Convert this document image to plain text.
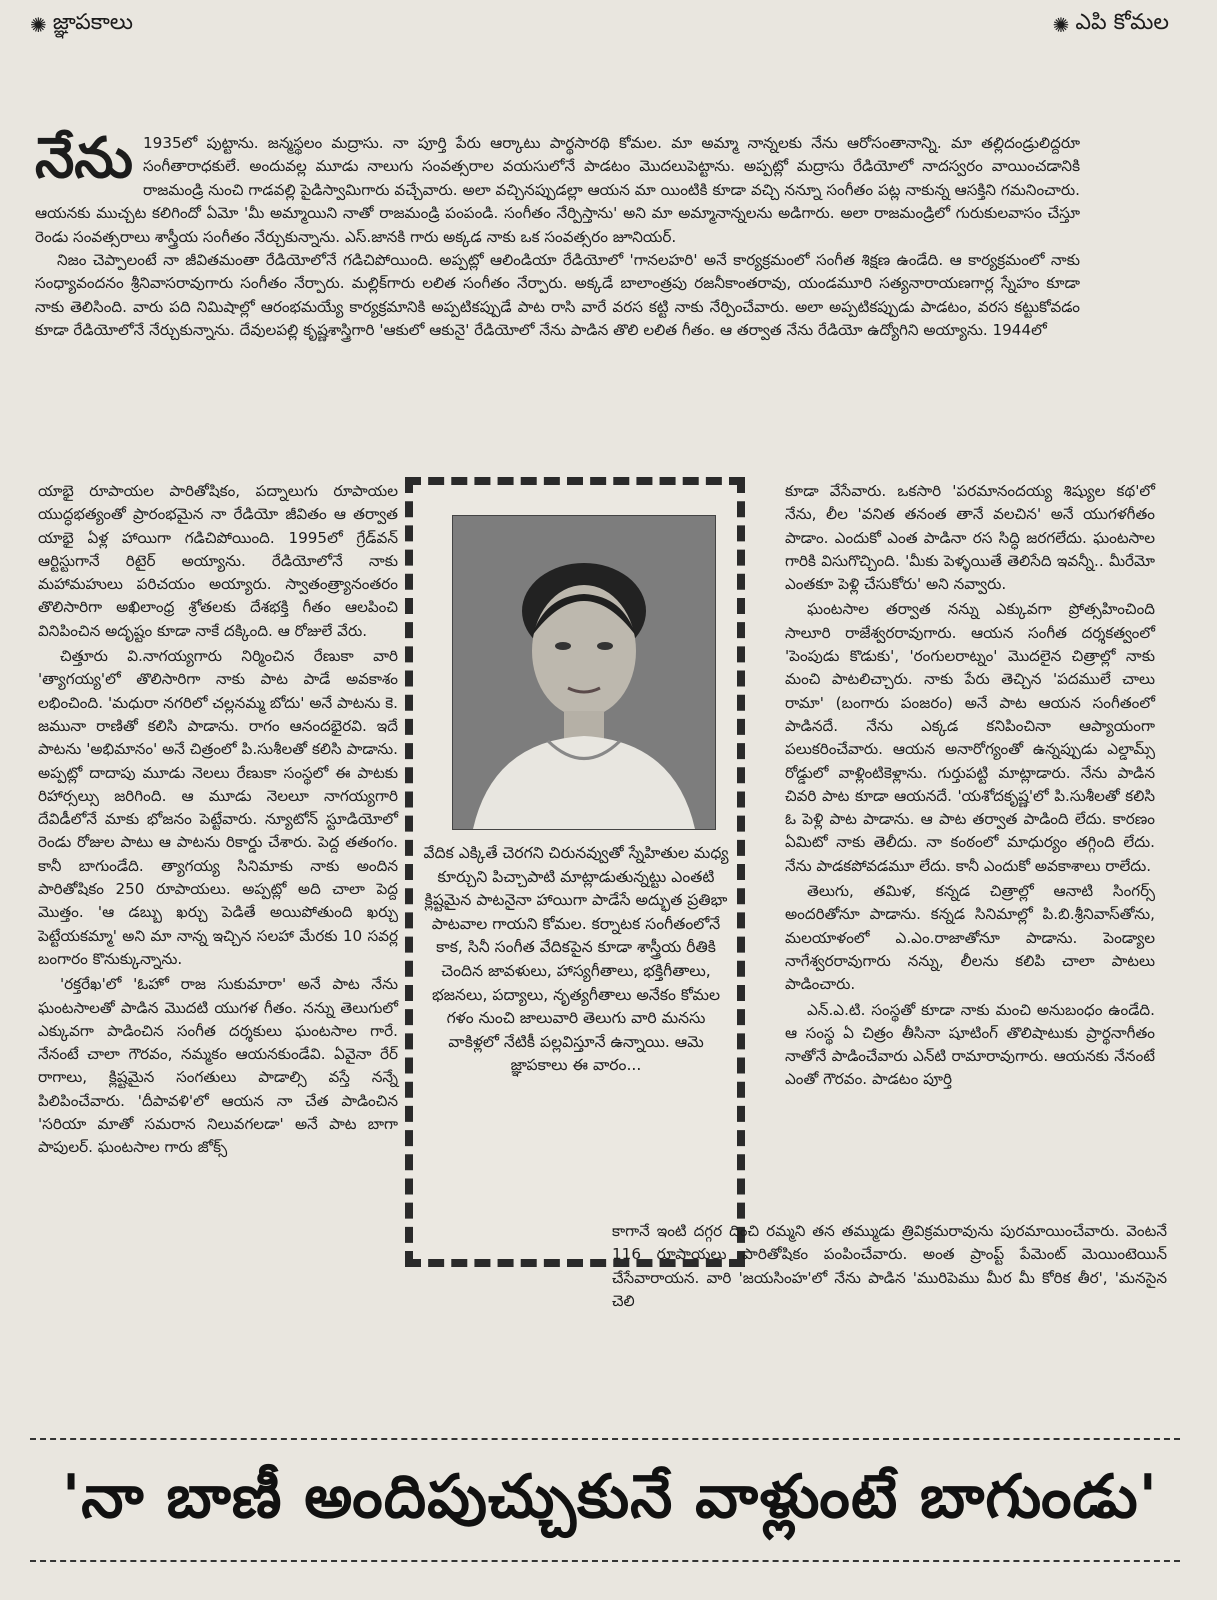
✺ జ్ఞాపకాలు	✺ ఎపి కోమల
నేను 1935లో పుట్టాను. జన్మస్థలం మద్రాసు. నా పూర్తి పేరు ఆర్కాటు పార్థసారథి కోమల. మా అమ్మా నాన్నలకు నేను ఆరోసంతానాన్ని. మా తల్లిదండ్రులిద్దరూ సంగీతారాధకులే. అందువల్ల మూడు నాలుగు సంవత్సరాల వయసులోనే పాడటం మొదలుపెట్టాను. అప్పట్లో మద్రాసు రేడియోలో నాదస్వరం వాయించడానికి రాజమండ్రి నుంచి గాడవల్లి పైడిస్వామిగారు వచ్చేవారు. అలా వచ్చినప్పుడల్లా ఆయన మా యింటికి కూడా వచ్చి నన్నూ సంగీతం పట్ల నాకున్న ఆసక్తిని గమనించారు. ఆయనకు ముచ్చట కలిగిందో ఏమో 'మీ అమ్మాయిని నాతో రాజమండ్రి పంపండి. సంగీతం నేర్పిస్తాను' అని మా అమ్మానాన్నలను అడిగారు. అలా రాజమండ్రిలో గురుకులవాసం చేస్తూ రెండు సంవత్సరాలు శాస్త్రీయ సంగీతం నేర్చుకున్నాను. ఎస్.జానకి గారు అక్కడ నాకు ఒక సంవత్సరం జూనియర్.
నిజం చెప్పాలంటే నా జీవితమంతా రేడియోలోనే గడిచిపోయింది. అప్పట్లో ఆలిండియా రేడియోలో 'గానలహరి' అనే కార్యక్రమంలో సంగీత శిక్షణ ఉండేది. ఆ కార్యక్రమంలో నాకు సంధ్యావందనం శ్రీనివాసరావుగారు సంగీతం నేర్పారు. మల్లిక్‌గారు లలిత సంగీతం నేర్పారు. అక్కడే బాలాంత్రపు రజనీకాంతరావు, యండమూరి సత్యనారాయణగార్ల స్నేహం కూడా నాకు తెలిసింది. వారు పది నిమిషాల్లో ఆరంభమయ్యే కార్యక్రమానికి అప్పటికప్పుడే పాట రాసి వారే వరస కట్టి నాకు నేర్పించేవారు. అలా అప్పటికప్పుడు పాడటం, వరస కట్టుకోవడం కూడా రేడియోలోనే నేర్చుకున్నాను. దేవులపల్లి కృష్ణశాస్త్రిగారి 'ఆకులో ఆకునై' రేడియోలో నేను పాడిన తొలి లలిత గీతం. ఆ తర్వాత నేను రేడియో ఉద్యోగిని అయ్యాను. 1944లో

యాభై రూపాయల పారితోషికం, పద్నాలుగు రూపాయల యుద్ధభత్యంతో ప్రారంభమైన నా రేడియో జీవితం ఆ తర్వాత యాభై ఏళ్ల హాయిగా గడిచిపోయింది. 1995లో గ్రేడ్‌వన్ ఆర్టిస్టుగానే రిటైర్ అయ్యాను. రేడియోలోనే నాకు మహామహులు పరిచయం అయ్యారు. స్వాతంత్ర్యానంతరం తొలిసారిగా అఖిలాంధ్ర శ్రోతలకు దేశభక్తి గీతం ఆలపించి వినిపించిన అదృష్టం కూడా నాకే దక్కింది. ఆ రోజులే వేరు.

చిత్తూరు వి.నాగయ్యగారు నిర్మించిన రేణుకా వారి 'త్యాగయ్య'లో తొలిసారిగా నాకు పాట పాడే అవకాశం లభించింది. 'మధురా నగరిలో చల్లనమ్మ బోదు' అనే పాటను కె. జమునా రాణితో కలిసి పాడాను. రాగం ఆనందభైరవి. ఇదే పాటను 'అభిమానం' అనే చిత్రంలో పి.సుశీలతో కలిసి పాడాను. అప్పట్లో దాదాపు మూడు నెలలు రేణుకా సంస్థలో ఈ పాటకు రిహార్సల్సు జరిగింది. ఆ మూడు నెలలూ నాగయ్యగారి దేవిడీలోనే మాకు భోజనం పెట్టేవారు. న్యూటోన్ స్టూడియోలో రెండు రోజుల పాటు ఆ పాటను రికార్డు చేశారు. పెద్ద తతంగం. కానీ బాగుండేది. త్యాగయ్య సినిమాకు నాకు అందిన పారితోషికం 250 రూపాయలు. అప్పట్లో అది చాలా పెద్ద మొత్తం. 'ఆ డబ్బు ఖర్చు పెడితే అయిపోతుంది ఖర్చు పెట్టేయకమ్మా' అని మా నాన్న ఇచ్చిన సలహా మేరకు 10 సవర్ల బంగారం కొనుక్కున్నాను.

'రక్తరేఖ'లో 'ఓహో రాజ సుకుమారా' అనే పాట నేను ఘంటసాలతో పాడిన మొదటి యుగళ గీతం. నన్ను తెలుగులో ఎక్కువగా పాడించిన సంగీత దర్శకులు ఘంటసాల గారే. నేనంటే చాలా గౌరవం, నమ్మకం ఆయనకుండేవి. ఏవైనా రేర్ రాగాలు, క్లిష్టమైన సంగతులు పాడాల్సి వస్తే నన్నే పిలిపించేవారు. 'దీపావళి'లో ఆయన నా చేత పాడించిన 'సరియా మాతో సమరాన నిలువగలడా' అనే పాట బాగా పాపులర్. ఘంటసాల గారు జోక్స్

వేదిక ఎక్కితే చెరగని చిరునవ్వుతో స్నేహితుల మధ్య కూర్చుని పిచ్చాపాటి మాట్లాడుతున్నట్టు ఎంతటి క్లిష్టమైన పాటనైనా హాయిగా పాడేసే అద్భుత ప్రతిభా పాటవాల గాయని కోమల. కర్నాటక సంగీతంలోనే కాక, సినీ సంగీత వేదికపైన కూడా శాస్త్రీయ రీతికి చెందిన జావళులు, హాస్యగీతాలు, భక్తిగీతాలు, భజనలు, పద్యాలు, నృత్యగీతాలు అనేకం కోమల గళం నుంచి జాలువారి తెలుగు వారి మనసు వాకిళ్లలో నేటికీ పల్లవిస్తూనే ఉన్నాయి. ఆమె జ్ఞాపకాలు ఈ వారం...

కూడా వేసేవారు. ఒకసారి 'పరమానందయ్య శిష్యుల కథ'లో నేను, లీల 'వనిత తనంత తానే వలచిన' అనే యుగళగీతం పాడాం. ఎందుకో ఎంత పాడినా రస సిద్ధి జరగలేదు. ఘంటసాల గారికి విసుగొచ్చింది. 'మీకు పెళ్ళయితే తెలిసేది ఇవన్నీ.. మీరేమో ఎంతకూ పెళ్లి చేసుకోరు' అని నవ్వారు.

ఘంటసాల తర్వాత నన్ను ఎక్కువగా ప్రోత్సహించింది సాలూరి రాజేశ్వరరావుగారు. ఆయన సంగీత దర్శకత్వంలో 'పెంపుడు కొడుకు', 'రంగులరాట్నం' మొదలైన చిత్రాల్లో నాకు మంచి పాటలిచ్చారు. నాకు పేరు తెచ్చిన 'పదములే చాలు రామా' (బంగారు పంజరం) అనే పాట ఆయన సంగీతంలో పాడినదే. నేను ఎక్కడ కనిపించినా ఆప్యాయంగా పలుకరించేవారు. ఆయన అనారోగ్యంతో ఉన్నప్పుడు ఎల్డామ్స్ రోడ్డులో వాళ్లింటికెళ్లాను. గుర్తుపట్టి మాట్లాడారు. నేను పాడిన చివరి పాట కూడా ఆయనదే. 'యశోదకృష్ణ'లో పి.సుశీలతో కలిసి ఓ పెళ్లి పాట పాడాను. ఆ పాట తర్వాత పాడింది లేదు. కారణం ఏమిటో నాకు తెలీదు. నా కంఠంలో మాధుర్యం తగ్గింది లేదు. నేను పాడకపోవడమూ లేదు. కానీ ఎందుకో అవకాశాలు రాలేదు.

తెలుగు, తమిళ, కన్నడ చిత్రాల్లో ఆనాటి సింగర్స్ అందరితోనూ పాడాను. కన్నడ సినిమాల్లో పి.బి.శ్రీనివాస్‌తోను, మలయాళంలో ఎ.ఎం.రాజాతోనూ పాడాను. పెండ్యాల నాగేశ్వరరావుగారు నన్ను, లీలను కలిపి చాలా పాటలు పాడించారు.

ఎన్.ఎ.టి. సంస్థతో కూడా నాకు మంచి అనుబంధం ఉండేది. ఆ సంస్థ ఏ చిత్రం తీసినా షూటింగ్ తొలిషాటుకు ప్రార్థనాగీతం నాతోనే పాడించేవారు ఎన్‌టి రామారావుగారు. ఆయనకు నేనంటే ఎంతో గౌరవం. పాడటం పూర్తి

కాగానే ఇంటి దగ్గర దించి రమ్మని తన తమ్ముడు త్రివిక్రమరావును పురమాయించేవారు. వెంటనే 116 రూపాయలు పారితోషికం పంపించేవారు. అంత ప్రాంప్ట్ పేమెంట్ మెయింటెయిన్ చేసేవారాయన. వారి 'జయసింహ'లో నేను పాడిన 'మురిపెము మీర మీ కోరిక తీర', 'మనసైన చెలి
'నా బాణీ అందిపుచ్చుకునే వాళ్లుంటే బాగుండు'
